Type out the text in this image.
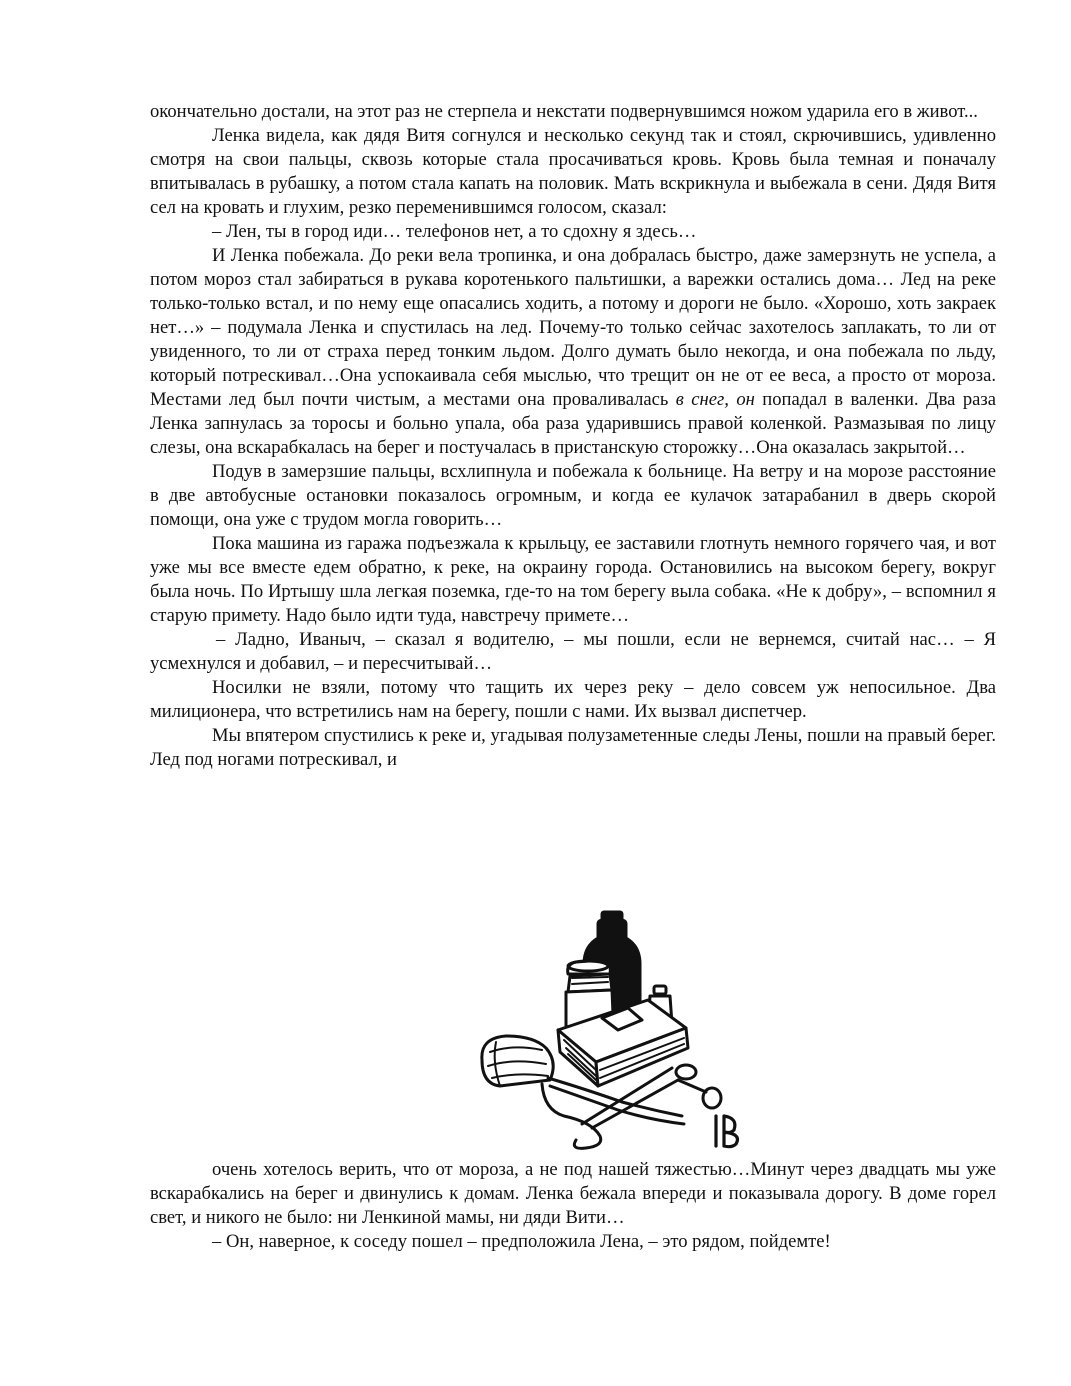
окончательно достали, на этот раз не стерпела и некстати подвернувшимся ножом ударила его в живот...

Ленка видела, как дядя Витя согнулся и несколько секунд так и стоял, скрючившись, удивленно смотря на свои пальцы, сквозь которые стала просачиваться кровь. Кровь была темная и поначалу впитывалась в рубашку, а потом стала капать на половик. Мать вскрикнула и выбежала в сени. Дядя Витя сел на кровать и глухим, резко переменившимся голосом, сказал:

– Лен, ты в город иди… телефонов нет, а то сдохну я здесь…

И Ленка побежала. До реки вела тропинка, и она добралась быстро, даже замерзнуть не успела, а потом мороз стал забираться в рукава коротенького пальтишки, а варежки остались дома… Лед на реке только-только встал, и по нему еще опасались ходить, а потому и дороги не было. «Хорошо, хоть закраек нет…» – подумала Ленка и спустилась на лед. Почему-то только сейчас захотелось заплакать, то ли от увиденного, то ли от страха перед тонким льдом. Долго думать было некогда, и она побежала по льду, который потрескивал…Она успокаивала себя мыслью, что трещит он не от ее веса, а просто от мороза. Местами лед был почти чистым, а местами она проваливалась в снег, он попадал в валенки. Два раза Ленка запнулась за торосы и больно упала, оба раза ударившись правой коленкой. Размазывая по лицу слезы, она вскарабкалась на берег и постучалась в пристанскую сторожку…Она оказалась закрытой…

Подув в замерзшие пальцы, всхлипнула и побежала к больнице. На ветру и на морозе расстояние в две автобусные остановки показалось огромным, и когда ее кулачок затарабанил в дверь скорой помощи, она уже с трудом могла говорить…

Пока машина из гаража подъезжала к крыльцу, ее заставили глотнуть немного горячего чая, и вот уже мы все вместе едем обратно, к реке, на окраину города. Остановились на высоком берегу, вокруг была ночь. По Иртышу шла легкая поземка, где-то на том берегу выла собака. «Не к добру», – вспомнил я старую примету. Надо было идти туда, навстречу примете…

– Ладно, Иваныч, – сказал я водителю, – мы пошли, если не вернемся, считай нас… – Я усмехнулся и добавил, – и пересчитывай…

Носилки не взяли, потому что тащить их через реку – дело совсем уж непосильное. Два милиционера, что встретились нам на берегу, пошли с нами. Их вызвал диспетчер.

Мы впятером спустились к реке и, угадывая полузаметенные следы Лены, пошли на правый берег. Лед под ногами потрескивал, и

очень хотелось верить, что от мороза, а не под нашей тяжестью…Минут через двадцать мы уже вскарабкались на берег и двинулись к домам. Ленка бежала впереди и показывала дорогу. В доме горел свет, и никого не было: ни Ленкиной мамы, ни дяди Вити…

– Он, наверное, к соседу пошел – предположила Лена, – это рядом, пойдемте!
